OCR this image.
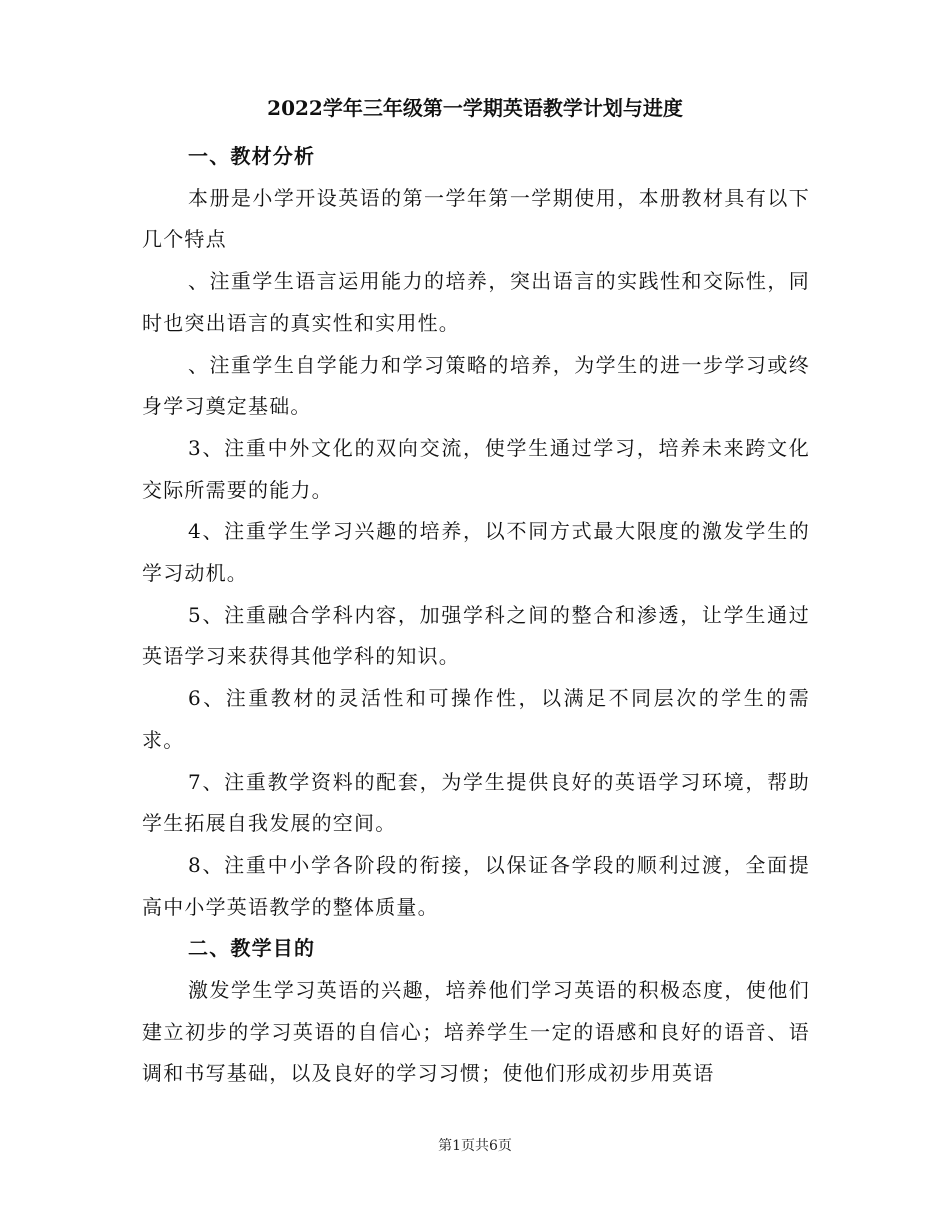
2022学年三年级第一学期英语教学计划与进度

一、教材分析

本册是小学开设英语的第一学年第一学期使用，本册教材具有以下几个特点

、注重学生语言运用能力的培养，突出语言的实践性和交际性，同时也突出语言的真实性和实用性。

、注重学生自学能力和学习策略的培养，为学生的进一步学习或终身学习奠定基础。

3、注重中外文化的双向交流，使学生通过学习，培养未来跨文化交际所需要的能力。

4、注重学生学习兴趣的培养，以不同方式最大限度的激发学生的学习动机。

5、注重融合学科内容，加强学科之间的整合和渗透，让学生通过英语学习来获得其他学科的知识。

6、注重教材的灵活性和可操作性，以满足不同层次的学生的需求。

7、注重教学资料的配套，为学生提供良好的英语学习环境，帮助学生拓展自我发展的空间。

8、注重中小学各阶段的衔接，以保证各学段的顺利过渡，全面提高中小学英语教学的整体质量。

二、教学目的

激发学生学习英语的兴趣，培养他们学习英语的积极态度，使他们建立初步的学习英语的自信心；培养学生一定的语感和良好的语音、语调和书写基础，以及良好的学习习惯；使他们形成初步用英语

第1页共6页
